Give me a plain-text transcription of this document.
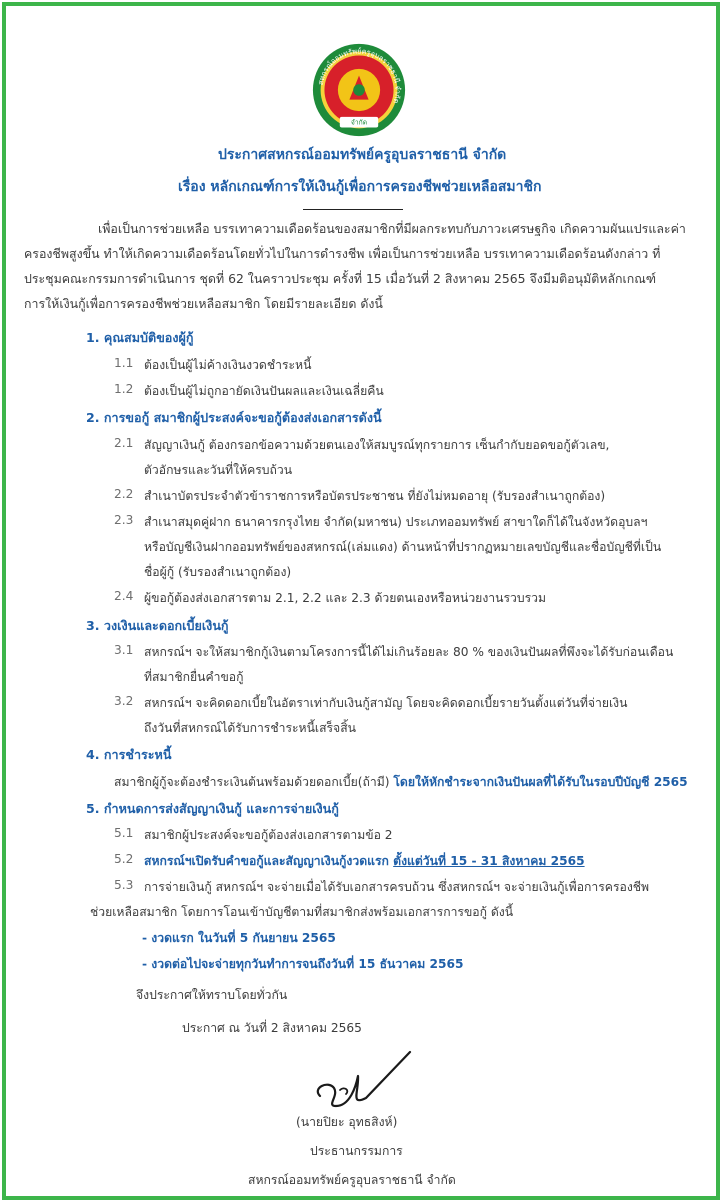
สหกรณ์ออมทรัพย์ครูอุบลราชธานี จำกัด
จำกัด
ประกาศสหกรณ์ออมทรัพย์ครูอุบลราชธานี จำกัด
เรื่อง หลักเกณฑ์การให้เงินกู้เพื่อการครองชีพช่วยเหลือสมาชิก
เพื่อเป็นการช่วยเหลือ บรรเทาความเดือดร้อนของสมาชิกที่มีผลกระทบกับภาวะเศรษฐกิจ เกิดความผันแปรและค่า
ครองชีพสูงขึ้น ทำให้เกิดความเดือดร้อนโดยทั่วไปในการดำรงชีพ เพื่อเป็นการช่วยเหลือ บรรเทาความเดือดร้อนดังกล่าว ที่
ประชุมคณะกรรมการดำเนินการ ชุดที่ 62 ในคราวประชุม ครั้งที่ 15 เมื่อวันที่ 2 สิงหาคม 2565 จึงมีมติอนุมัติหลักเกณฑ์
การให้เงินกู้เพื่อการครองชีพช่วยเหลือสมาชิก โดยมีรายละเอียด ดังนี้
1. คุณสมบัติของผู้กู้
1.1 ต้องเป็นผู้ไม่ค้างเงินงวดชำระหนี้
1.2 ต้องเป็นผู้ไม่ถูกอายัดเงินปันผลและเงินเฉลี่ยคืน
2. การขอกู้ สมาชิกผู้ประสงค์จะขอกู้ต้องส่งเอกสารดังนี้
2.1 สัญญาเงินกู้ ต้องกรอกข้อความด้วยตนเองให้สมบูรณ์ทุกรายการ เซ็นกำกับยอดขอกู้ตัวเลข,
ตัวอักษรและวันที่ให้ครบถ้วน
2.2 สำเนาบัตรประจำตัวข้าราชการหรือบัตรประชาชน ที่ยังไม่หมดอายุ (รับรองสำเนาถูกต้อง)
2.3 สำเนาสมุดคู่ฝาก ธนาคารกรุงไทย จำกัด(มหาชน) ประเภทออมทรัพย์ สาขาใดก็ได้ในจังหวัดอุบลฯ
หรือบัญชีเงินฝากออมทรัพย์ของสหกรณ์(เล่มแดง) ด้านหน้าที่ปรากฏหมายเลขบัญชีและชื่อบัญชีที่เป็น
ชื่อผู้กู้ (รับรองสำเนาถูกต้อง)
2.4 ผู้ขอกู้ต้องส่งเอกสารตาม 2.1, 2.2 และ 2.3 ด้วยตนเองหรือหน่วยงานรวบรวม
3. วงเงินและดอกเบี้ยเงินกู้
3.1 สหกรณ์ฯ จะให้สมาชิกกู้เงินตามโครงการนี้ได้ไม่เกินร้อยละ 80 % ของเงินปันผลที่พึงจะได้รับก่อนเดือน
ที่สมาชิกยื่นคำขอกู้
3.2 สหกรณ์ฯ จะคิดดอกเบี้ยในอัตราเท่ากับเงินกู้สามัญ โดยจะคิดดอกเบี้ยรายวันตั้งแต่วันที่จ่ายเงิน
ถึงวันที่สหกรณ์ได้รับการชำระหนี้เสร็จสิ้น
4. การชำระหนี้
สมาชิกผู้กู้จะต้องชำระเงินต้นพร้อมด้วยดอกเบี้ย(ถ้ามี) โดยให้หักชำระจากเงินปันผลที่ได้รับในรอบปีบัญชี 2565
5. กำหนดการส่งสัญญาเงินกู้ และการจ่ายเงินกู้
5.1 สมาชิกผู้ประสงค์จะขอกู้ต้องส่งเอกสารตามข้อ 2
5.2 สหกรณ์ฯเปิดรับคำขอกู้และสัญญาเงินกู้งวดแรก ตั้งแต่วันที่ 15 - 31 สิงหาคม 2565
5.3 การจ่ายเงินกู้ สหกรณ์ฯ จะจ่ายเมื่อได้รับเอกสารครบถ้วน ซึ่งสหกรณ์ฯ จะจ่ายเงินกู้เพื่อการครองชีพ
ช่วยเหลือสมาชิก โดยการโอนเข้าบัญชีตามที่สมาชิกส่งพร้อมเอกสารการขอกู้ ดังนี้
- งวดแรก ในวันที่ 5 กันยายน 2565
- งวดต่อไปจะจ่ายทุกวันทำการจนถึงวันที่ 15 ธันวาคม 2565
จึงประกาศให้ทราบโดยทั่วกัน
ประกาศ ณ วันที่ 2 สิงหาคม 2565
(นายปิยะ อุทธสิงห์)
ประธานกรรมการ
สหกรณ์ออมทรัพย์ครูอุบลราชธานี จำกัด
